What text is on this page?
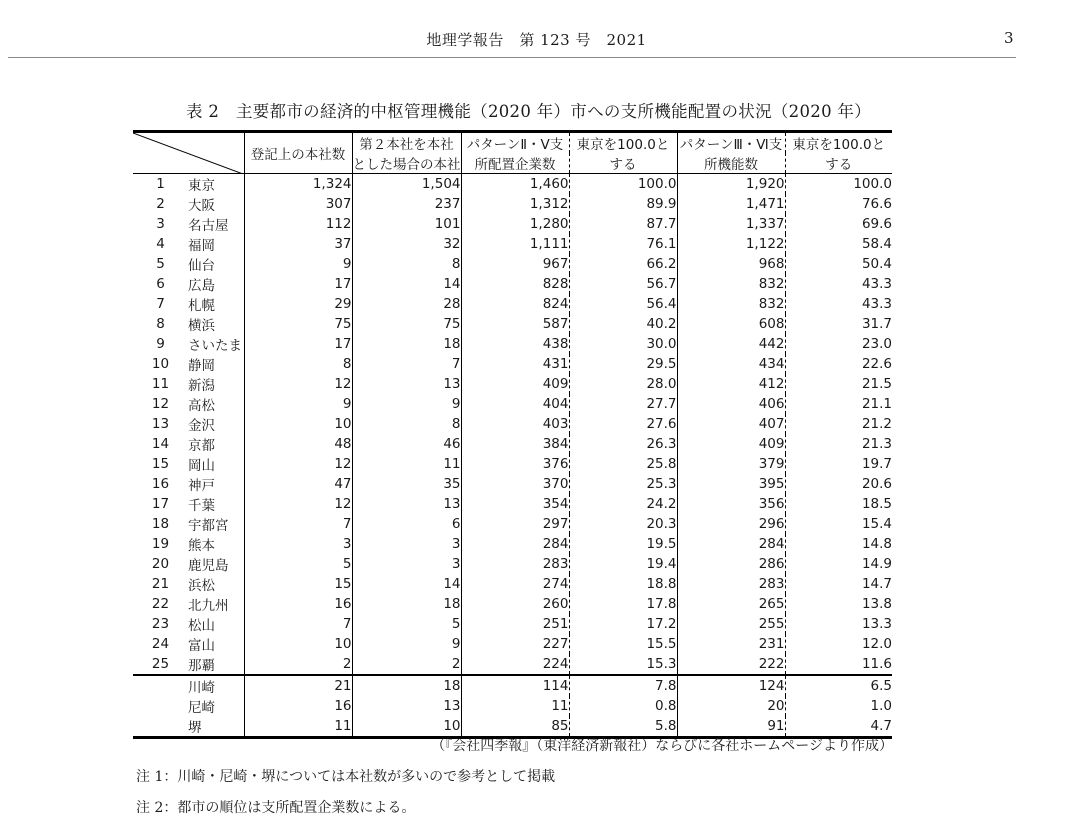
地理学報告　第 123 号　2021	3
表 2　主要都市の経済的中枢管理機能（2020 年）市への支所機能配置の状況（2020 年）
	登記上の本社数	第２本社を本社	パターンⅡ・Ⅴ支	東京を100.0と	パターンⅢ・Ⅵ支	東京を100.0と
			とした場合の本社	所配置企業数	する	所機能数	する
1	東京	1,324	1,504	1,460	100.0	1,920	100.0
2	大阪	307	237	1,312	89.9	1,471	76.6
3	名古屋	112	101	1,280	87.7	1,337	69.6
4	福岡	37	32	1,111	76.1	1,122	58.4
5	仙台	9	8	967	66.2	968	50.4
6	広島	17	14	828	56.7	832	43.3
7	札幌	29	28	824	56.4	832	43.3
8	横浜	75	75	587	40.2	608	31.7
9	さいたま	17	18	438	30.0	442	23.0
10	静岡	8	7	431	29.5	434	22.6
11	新潟	12	13	409	28.0	412	21.5
12	高松	9	9	404	27.7	406	21.1
13	金沢	10	8	403	27.6	407	21.2
14	京都	48	46	384	26.3	409	21.3
15	岡山	12	11	376	25.8	379	19.7
16	神戸	47	35	370	25.3	395	20.6
17	千葉	12	13	354	24.2	356	18.5
18	宇都宮	7	6	297	20.3	296	15.4
19	熊本	3	3	284	19.5	284	14.8
20	鹿児島	5	3	283	19.4	286	14.9
21	浜松	15	14	274	18.8	283	14.7
22	北九州	16	18	260	17.8	265	13.8
23	松山	7	5	251	17.2	255	13.3
24	富山	10	9	227	15.5	231	12.0
25	那覇	2	2	224	15.3	222	11.6
	川崎	21	18	114	7.8	124	6.5
	尼崎	16	13	11	0.8	20	1.0
	堺	11	10	85	5.8	91	4.7
（『会社四季報』（東洋経済新報社）ならびに各社ホームページより作成）
注 1：川崎・尼崎・堺については本社数が多いので参考として掲載
注 2：都市の順位は支所配置企業数による。
